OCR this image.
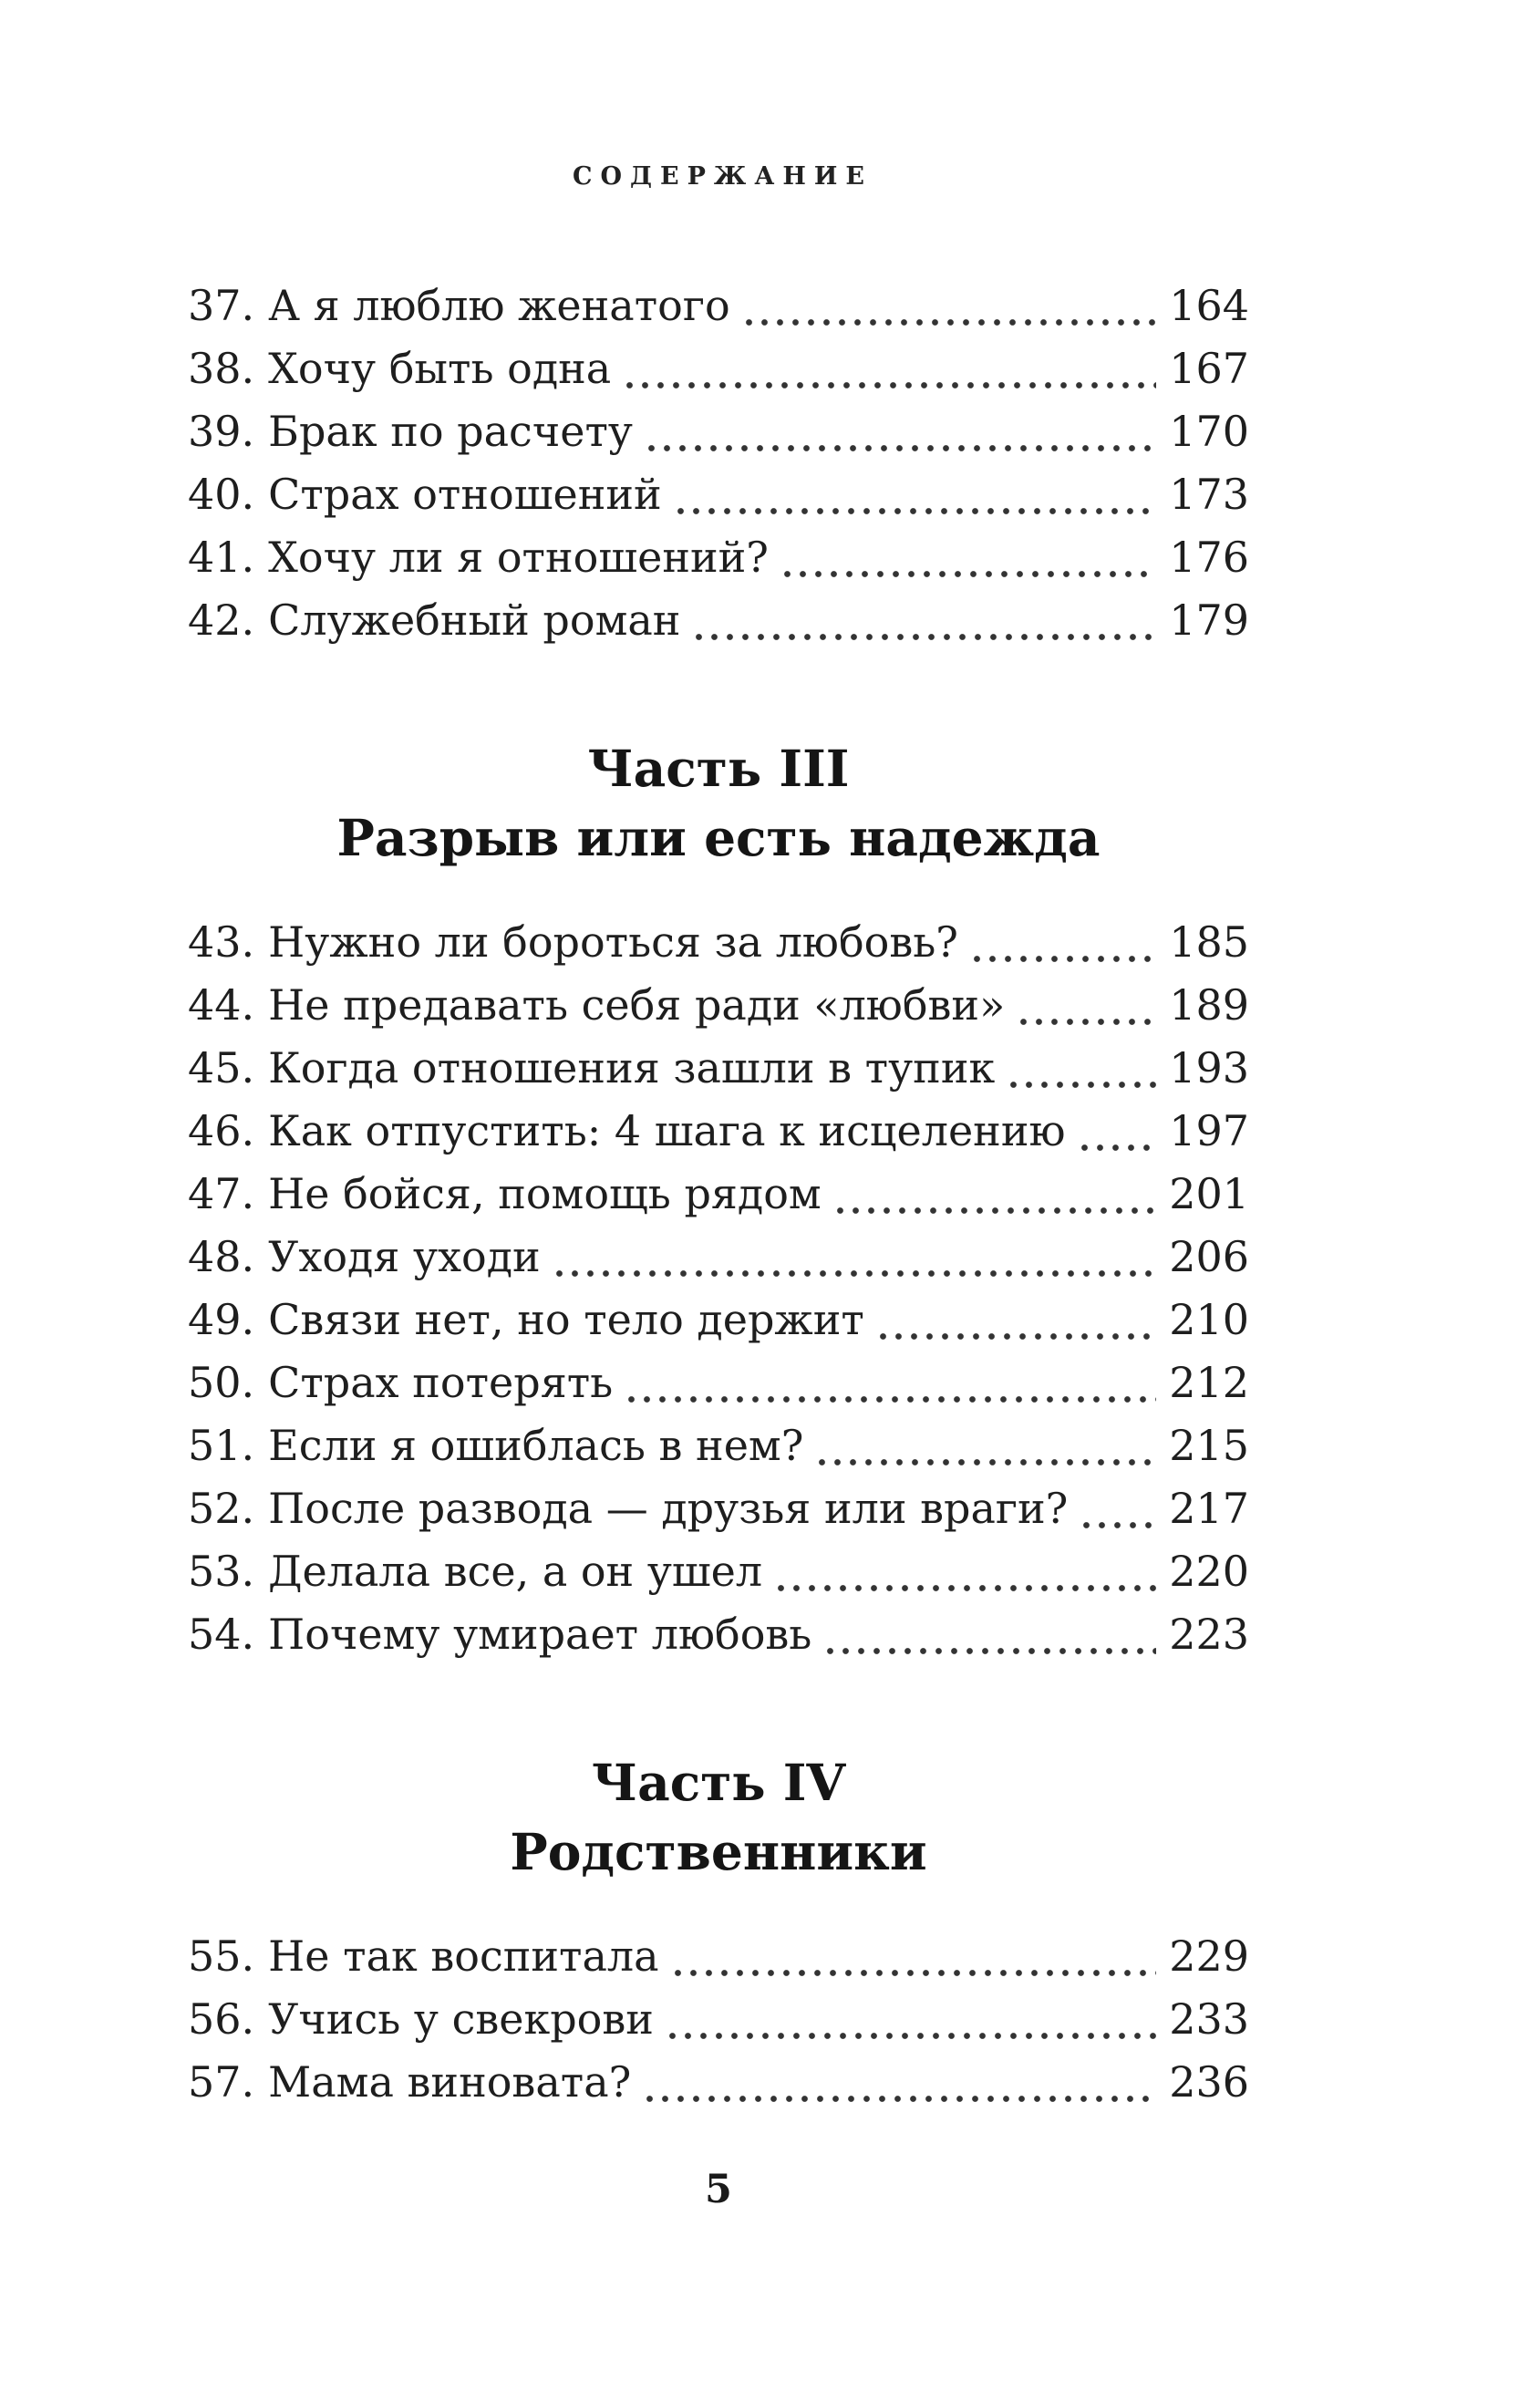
СОДЕРЖАНИЕ
37. А я люблю женатого	164
38. Хочу быть одна	167
39. Брак по расчету	170
40. Страх отношений	173
41. Хочу ли я отношений?	176
42. Служебный роман	179
Часть III
Разрыв или есть надежда
43. Нужно ли бороться за любовь?	185
44. Не предавать себя ради «любви»	189
45. Когда отношения зашли в тупик	193
46. Как отпустить: 4 шага к исцелению 197
47. Не бойся, помощь рядом	201
48. Уходя уходи	206
49. Связи нет, но тело держит	210
50. Страх потерять	212
51. Если я ошиблась в нем?	215
52. После развода — друзья или враги? 217
53. Делала все, а он ушел	220
54. Почему умирает любовь	223
Часть IV
Родственники
55. Не так воспитала	229
56. Учись у свекрови	233
57. Мама виновата?	236
5
